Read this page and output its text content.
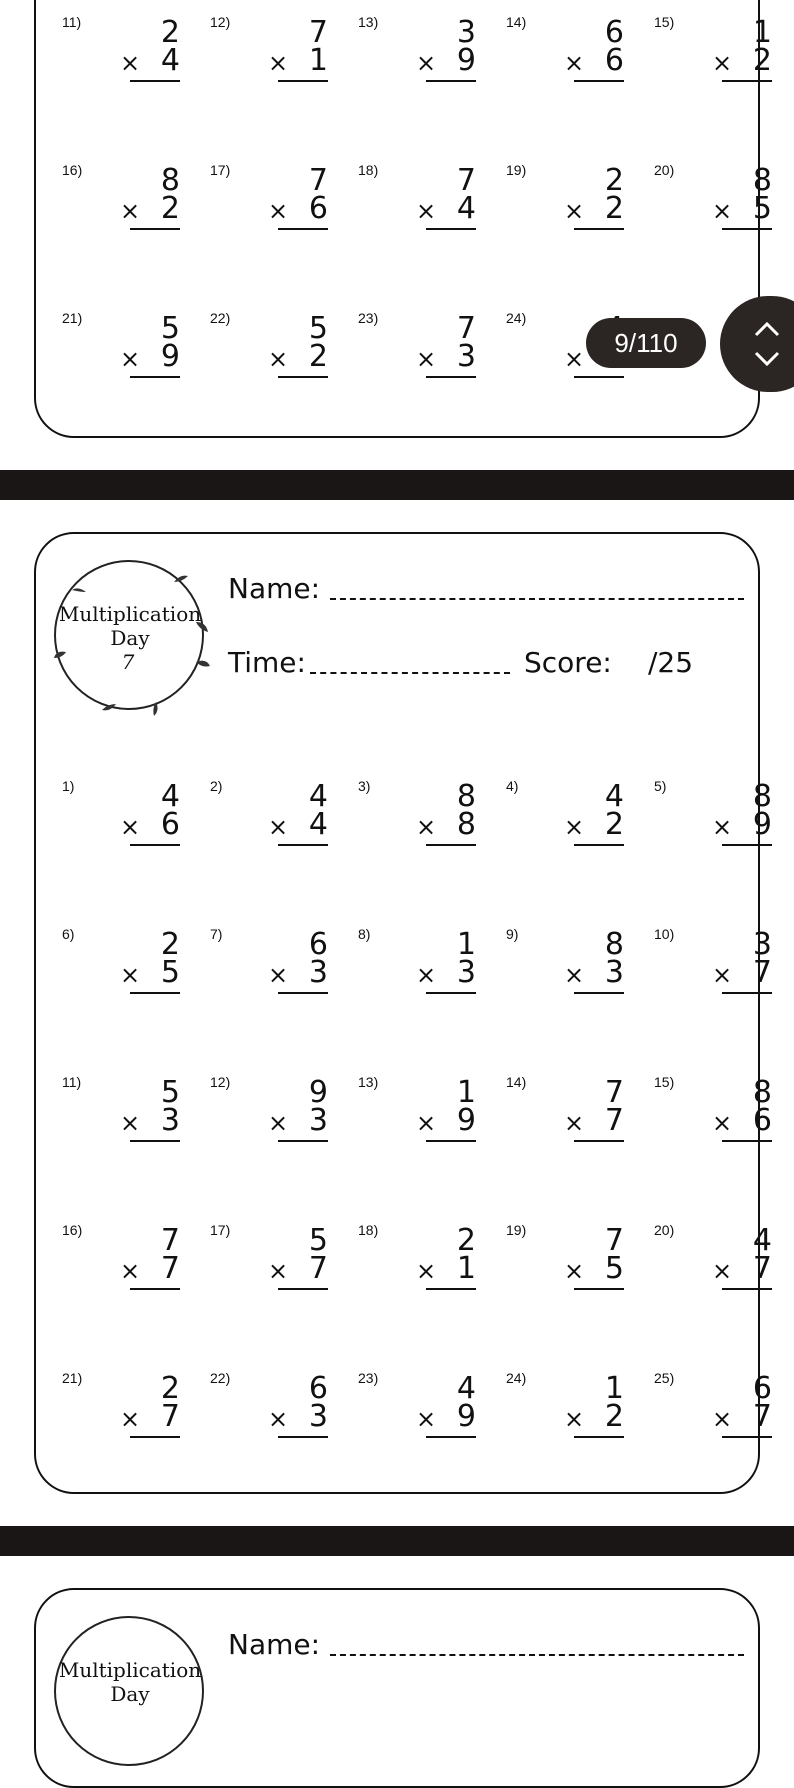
11)	2
× 4
12)	7
× 1
13)	3
× 9
14)	6
× 6
15)	1
× 2
16)	8
× 2
17)	7
× 6
18)	7
× 4
19)	2
× 2
20)	8
× 5
21)	5
× 9
22)	5
× 2
23)	7
× 3
24)
×
9/110
Multiplication
Day
7
Name:
Time:	Score: /25
1)	4
× 6
2)	4
× 4
3)	8
× 8
4)	4
× 2
5)	8
× 9
6)	2
× 5
7)	6
× 3
8)	1
× 3
9)	8
× 3
10)	3
× 7
11)	5
× 3
12)	9
× 3
13)	1
× 9
14)	7
× 7
15)	8
× 6
16)	7
× 7
17)	5
× 7
18)	2
× 1
19)	7
× 5
20)	4
× 7
21)	2
× 7
22)	6
× 3
23)	4
× 9
24)	1
× 2
25)	6
× 7
Multiplication
Day
Name:
